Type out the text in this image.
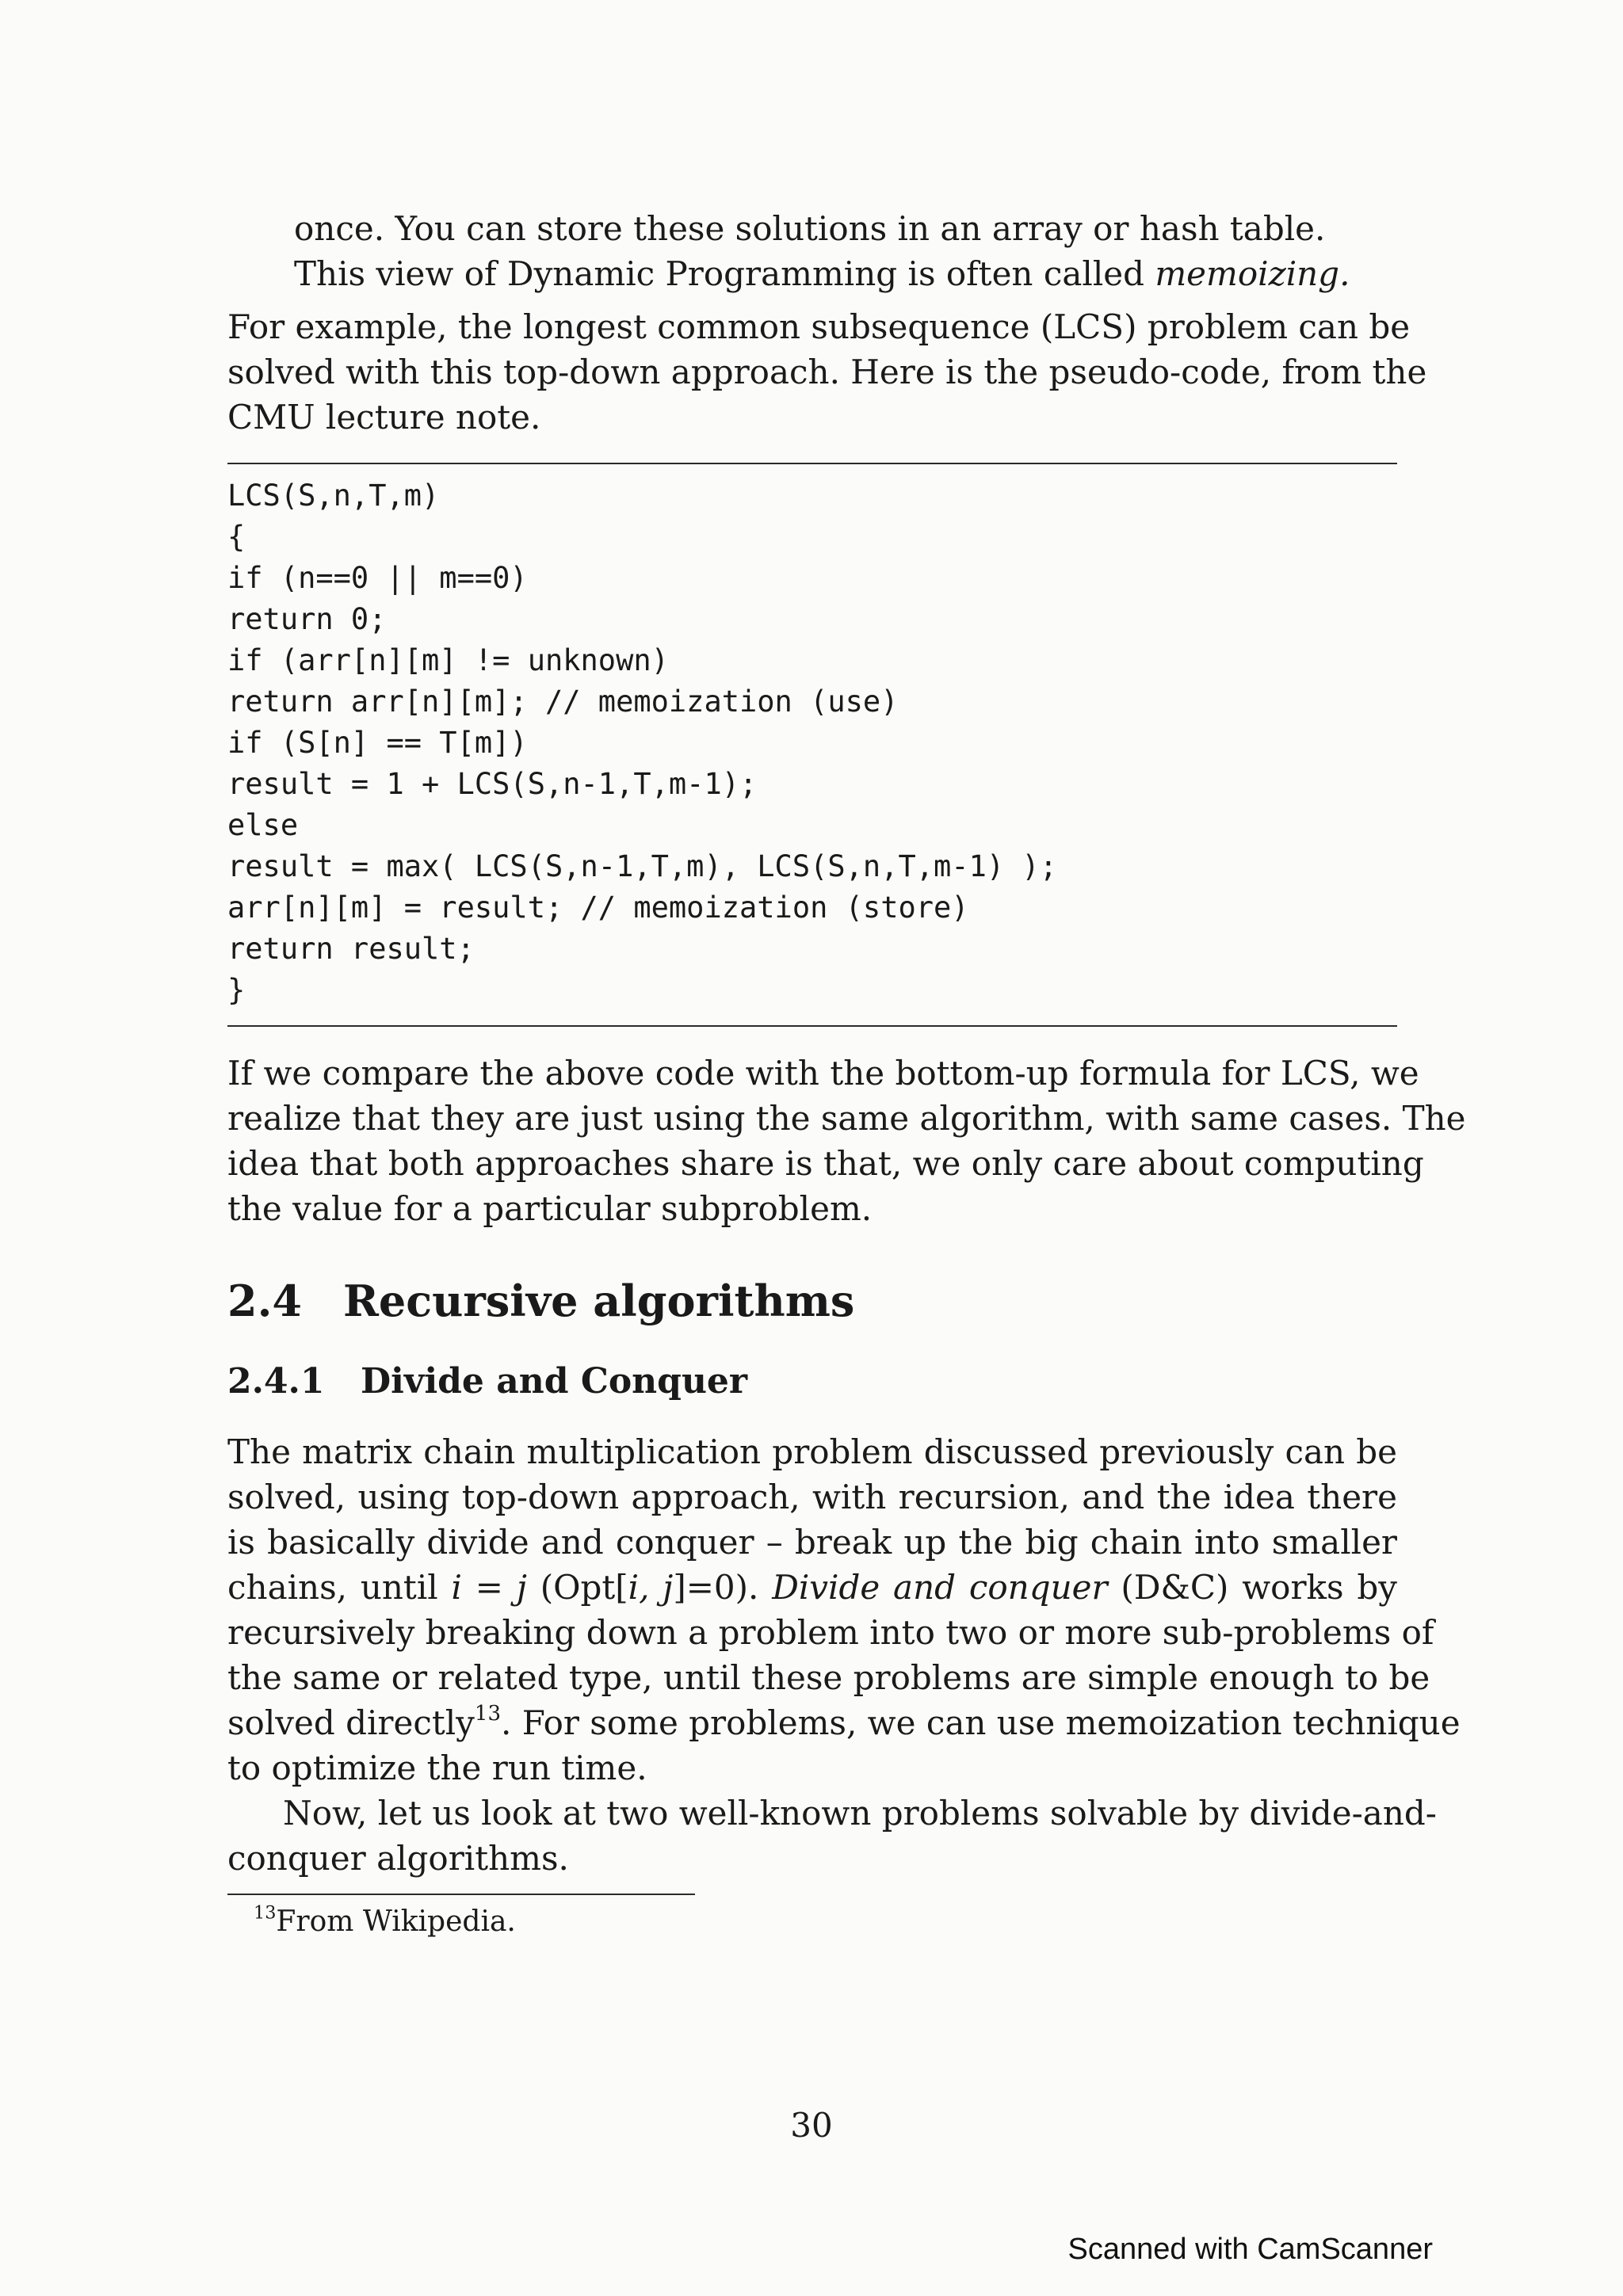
once. You can store these solutions in an array or hash table.
This view of Dynamic Programming is often called memoizing.

For example, the longest common subsequence (LCS) problem can be
solved with this top-down approach. Here is the pseudo-code, from the
CMU lecture note.

LCS(S,n,T,m)
{
if (n==0 || m==0)
return 0;
if (arr[n][m] != unknown)
return arr[n][m]; // memoization (use)
if (S[n] == T[m])
result = 1 + LCS(S,n-1,T,m-1);
else
result = max( LCS(S,n-1,T,m), LCS(S,n,T,m-1) );
arr[n][m] = result; // memoization (store)
return result;
}

If we compare the above code with the bottom-up formula for LCS, we
realize that they are just using the same algorithm, with same cases. The
idea that both approaches share is that, we only care about computing
the value for a particular subproblem.

2.4 Recursive algorithms
2.4.1 Divide and Conquer

The matrix chain multiplication problem discussed previously can be
solved, using top-down approach, with recursion, and the idea there
is basically divide and conquer – break up the big chain into smaller
chains, until i = j (Opt[i, j]=0). Divide and conquer (D&C) works by
recursively breaking down a problem into two or more sub-problems of
the same or related type, until these problems are simple enough to be
solved directly$^{13}$. For some problems, we can use memoization technique
to optimize the run time.
Now, let us look at two well-known problems solvable by divide-and-
conquer algorithms.

$^{13}$From Wikipedia.
30
Scanned with CamScanner
